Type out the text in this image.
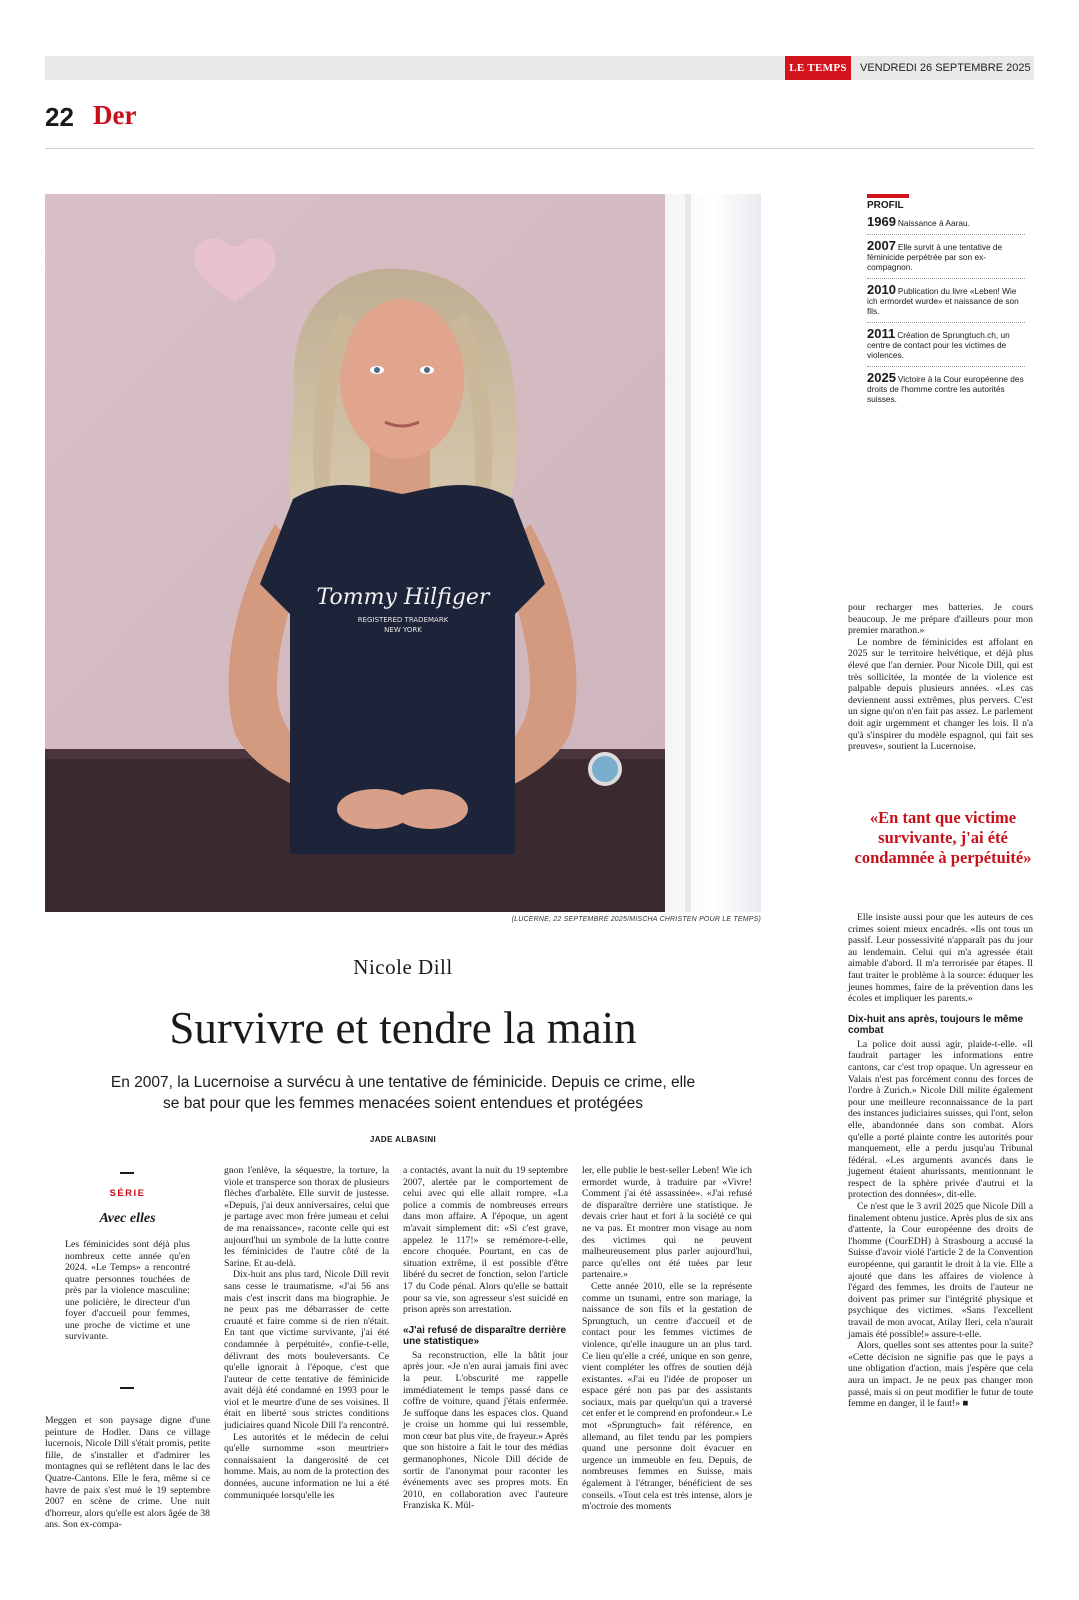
LE TEMPS	VENDREDI 26 SEPTEMBRE 2025
22 Der
Tommy Hilfiger
REGISTERED TRADEMARK
NEW YORK
(LUCERNE, 22 SEPTEMBRE 2025/MISCHA CHRISTEN POUR LE TEMPS)
PROFIL
1969 Naissance à Aarau.
2007 Elle survit à une tentative de féminicide perpétrée par son ex-compagnon.
2010 Publication du livre «Leben! Wie ich ermordet wurde» et naissance de son fils.
2011 Création de Sprungtuch.ch, un centre de contact pour les victimes de violences.
2025 Victoire à la Cour européenne des droits de l'homme contre les autorités suisses.
Nicole Dill
Survivre et tendre la main
En 2007, la Lucernoise a survécu à une tentative de féminicide. Depuis ce crime, elle se bat pour que les femmes menacées soient entendues et protégées
JADE ALBASINI
SÉRIE
Avec elles
Les féminicides sont déjà plus nombreux cette année qu'en 2024. «Le Temps» a rencontré quatre personnes touchées de près par la violence masculine: une policière, le directeur d'un foyer d'accueil pour femmes, une proche de victime et une survivante.

Meggen et son paysage digne d'une peinture de Hodler. Dans ce village lucernois, Nicole Dill s'était promis, petite fille, de s'installer et d'admirer les montagnes qui se reflètent dans le lac des Quatre-Cantons. Elle le fera, même si ce havre de paix s'est mué le 19 septembre 2007 en scène de crime. Une nuit d'horreur, alors qu'elle est alors âgée de 38 ans. Son ex-compa-

gnon l'enlève, la séquestre, la torture, la viole et transperce son thorax de plusieurs flèches d'arbalète. Elle survit de justesse. «Depuis, j'ai deux anniversaires, celui que je partage avec mon frère jumeau et celui de ma renaissance», raconte celle qui est aujourd'hui un symbole de la lutte contre les féminicides de l'autre côté de la Sarine. Et au-delà.

Dix-huit ans plus tard, Nicole Dill revit sans cesse le traumatisme. «J'ai 56 ans mais c'est inscrit dans ma biographie. Je ne peux pas me débarrasser de cette cruauté et faire comme si de rien n'était. En tant que victime survivante, j'ai été condamnée à perpétuité», confie-t-elle, délivrant des mots bouleversants. Ce qu'elle ignorait à l'époque, c'est que l'auteur de cette tentative de féminicide avait déjà été condamné en 1993 pour le viol et le meurtre d'une de ses voisines. Il était en liberté sous strictes conditions judiciaires quand Nicole Dill l'a rencontré.

Les autorités et le médecin de celui qu'elle surnomme «son meurtrier» connaissaient la dangerosité de cet homme. Mais, au nom de la protection des données, aucune information ne lui a été communiquée lorsqu'elle les

a contactés, avant la nuit du 19 septembre 2007, alertée par le comportement de celui avec qui elle allait rompre. «La police a commis de nombreuses erreurs dans mon affaire. A l'époque, un agent m'avait simplement dit: «Si c'est grave, appelez le 117!» se remémore-t-elle, encore choquée. Pourtant, en cas de situation extrême, il est possible d'être libéré du secret de fonction, selon l'article 17 du Code pénal. Alors qu'elle se battait pour sa vie, son agresseur s'est suicidé en prison après son arrestation.

«J'ai refusé de disparaître derrière une statistique»

Sa reconstruction, elle la bâtit jour après jour. «Je n'en aurai jamais fini avec la peur. L'obscurité me rappelle immédiatement le temps passé dans ce coffre de voiture, quand j'étais enfermée. Je suffoque dans les espaces clos. Quand je croise un homme qui lui ressemble, mon cœur bat plus vite, de frayeur.» Après que son histoire a fait le tour des médias germanophones, Nicole Dill décide de sortir de l'anonymat pour raconter les événements avec ses propres mots. En 2010, en collaboration avec l'auteure Franziska K. Mül-

ler, elle publie le best-seller Leben! Wie ich ermordet wurde, à traduire par «Vivre! Comment j'ai été assassinée». «J'ai refusé de disparaître derrière une statistique. Je devais crier haut et fort à la société ce qui ne va pas. Et montrer mon visage au nom des victimes qui ne peuvent malheureusement plus parler aujourd'hui, parce qu'elles ont été tuées par leur partenaire.»

Cette année 2010, elle se la représente comme un tsunami, entre son mariage, la naissance de son fils et la gestation de Sprungtuch, un centre d'accueil et de contact pour les femmes victimes de violence, qu'elle inaugure un an plus tard. Ce lieu qu'elle a créé, unique en son genre, vient compléter les offres de soutien déjà existantes. «J'ai eu l'idée de proposer un espace géré non pas par des assistants sociaux, mais par quelqu'un qui a traversé cet enfer et le comprend en profondeur.» Le mot «Sprungtuch» fait référence, en allemand, au filet tendu par les pompiers quand une personne doit évacuer en urgence un immeuble en feu. Depuis, de nombreuses femmes en Suisse, mais également à l'étranger, bénéficient de ses conseils. «Tout cela est très intense, alors je m'octroie des moments

pour recharger mes batteries. Je cours beaucoup. Je me prépare d'ailleurs pour mon premier marathon.»

Le nombre de féminicides est affolant en 2025 sur le territoire helvétique, et déjà plus élevé que l'an dernier. Pour Nicole Dill, qui est très sollicitée, la montée de la violence est palpable depuis plusieurs années. «Les cas deviennent aussi extrêmes, plus pervers. C'est un signe qu'on n'en fait pas assez. Le parlement doit agir urgemment et changer les lois. Il n'a qu'à s'inspirer du modèle espagnol, qui fait ses preuves», soutient la Lucernoise.

«En tant que victime survivante, j'ai été condamnée à perpétuité»

Elle insiste aussi pour que les auteurs de ces crimes soient mieux encadrés. «Ils ont tous un passif. Leur possessivité n'apparaît pas du jour au lendemain. Celui qui m'a agressée était aimable d'abord. Il m'a terrorisée par étapes. Il faut traiter le problème à la source: éduquer les jeunes hommes, faire de la prévention dans les écoles et impliquer les parents.»

Dix-huit ans après, toujours le même combat

La police doit aussi agir, plaide-t-elle. «Il faudrait partager les informations entre cantons, car c'est trop opaque. Un agresseur en Valais n'est pas forcément connu des forces de l'ordre à Zurich.» Nicole Dill milite également pour une meilleure reconnaissance de la part des instances judiciaires suisses, qui l'ont, selon elle, abandonnée dans son combat. Alors qu'elle a porté plainte contre les autorités pour manquement, elle a perdu jusqu'au Tribunal fédéral. «Les arguments avancés dans le jugement étaient ahurissants, mentionnant le respect de la sphère privée d'autrui et la protection des données», dit-elle.

Ce n'est que le 3 avril 2025 que Nicole Dill a finalement obtenu justice. Après plus de six ans d'attente, la Cour européenne des droits de l'homme (CourEDH) à Strasbourg a accusé la Suisse d'avoir violé l'article 2 de la Convention européenne, qui garantit le droit à la vie. Elle a ajouté que dans les affaires de violence à l'égard des femmes, les droits de l'auteur ne doivent pas primer sur l'intégrité physique et psychique des victimes. «Sans l'excellent travail de mon avocat, Atilay Ileri, cela n'aurait jamais été possible!» assure-t-elle.

Alors, quelles sont ses attentes pour la suite? «Cette décision ne signifie pas que le pays a une obligation d'action, mais j'espère que cela aura un impact. Je ne peux pas changer mon passé, mais si on peut modifier le futur de toute femme en danger, il le faut!» ■
